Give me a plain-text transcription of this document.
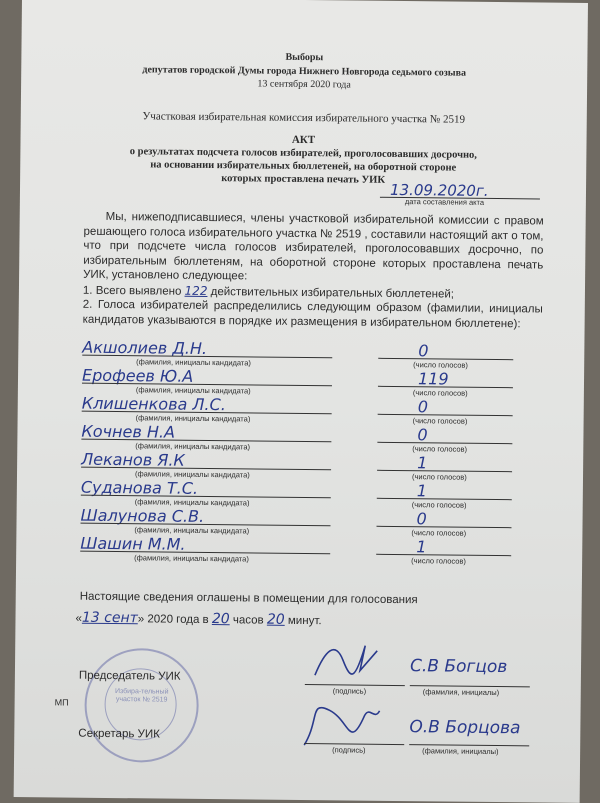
Выборы
депутатов городской Думы города Нижнего Новгорода седьмого созыва
13 сентября 2020 года
Участковая избирательная комиссия избирательного участка № 2519
АКТ
о результатах подсчета голосов избирателей, проголосовавших досрочно,
на основании избирательных бюллетеней, на оборотной стороне
которых проставлена печать УИК
13.09.2020г.
дата составления акта

Мы, нижеподписавшиеся, члены участковой избирательной комиссии с правом решающего голоса избирательного участка № 2519 , составили настоящий акт о том, что при подсчете числа голосов избирателей, проголосовавших досрочно, по избирательным бюллетеням, на оборотной стороне которых проставлена печать УИК, установлено следующее:

1. Всего выявлено 122 действительных избирательных бюллетеней;

2. Голоса избирателей распределились следующим образом (фамилии, инициалы кандидатов указываются в порядке их размещения в избирательном бюллетене):

Акшолиев Д.Н.
(фамилия, инициалы кандидата)
0
(число голосов)
Ерофеев Ю.А
(фамилия, инициалы кандидата)
119
(число голосов)
Клишенкова Л.С.
(фамилия, инициалы кандидата)
0
(число голосов)
Кочнев Н.А
(фамилия, инициалы кандидата)
0
(число голосов)
Леканов Я.К
(фамилия, инициалы кандидата)
1
(число голосов)
Суданова Т.С.
(фамилия, инициалы кандидата)
1
(число голосов)
Шалунова С.В.
(фамилия, инициалы кандидата)
0
(число голосов)
Шашин М.М.
(фамилия, инициалы кандидата)
1
(число голосов)
Настоящие сведения оглашены в помещении для голосования
«13 сент» 2020 года в 20 часов 20 минут.
Избира-тельный участок № 2519
Председатель УИК
МП
(подпись)
С.В Богцов
(фамилия, инициалы)
Секретарь УИК
(подпись)
О.В Борцова
(фамилия, инициалы)
